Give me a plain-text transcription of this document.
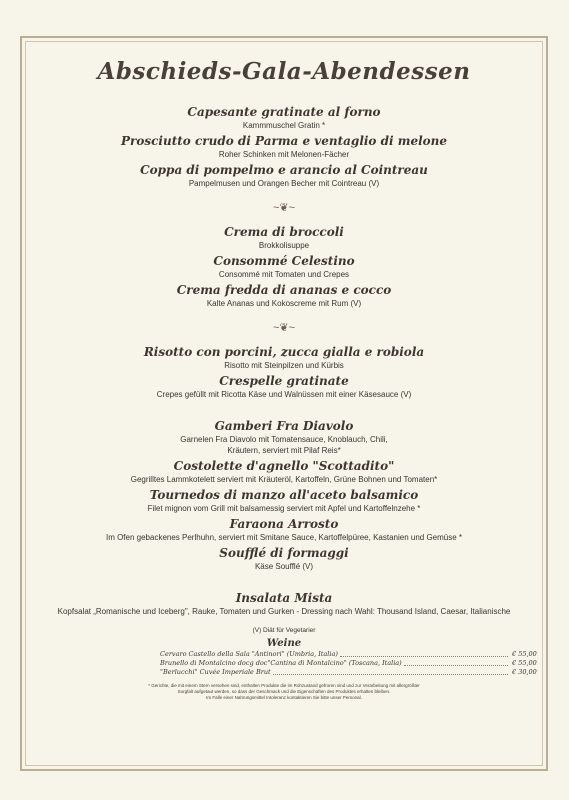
Abschieds-Gala-Abendessen
Capesante gratinate al forno
Kammmuschel Gratin *
Prosciutto crudo di Parma e ventaglio di melone
Roher Schinken mit Melonen-Fächer
Coppa di pompelmo e arancio al Cointreau
Pampelmusen und Orangen Becher mit Cointreau (V)
~❦~
Crema di broccoli
Brokkolisuppe
Consommé Celestino
Consommé mit Tomaten und Crepes
Crema fredda di ananas e cocco
Kalte Ananas und Kokoscreme mit Rum (V)
~❦~
Risotto con porcini, zucca gialla e robiola
Risotto mit Steinpilzen und Kürbis
Crespelle gratinate
Crepes gefüllt mit Ricotta Käse und Walnüssen mit einer Käsesauce (V)
Gamberi Fra Diavolo
Garnelen Fra Diavolo mit Tomatensauce, Knoblauch, Chili,
Kräutern, serviert mit Pilaf Reis*
Costolette d'agnello "Scottadito"
Gegrilltes Lammkotelett serviert mit Kräuteröl, Kartoffeln, Grüne Bohnen und Tomaten*
Tournedos di manzo all'aceto balsamico
Filet mignon vom Grill mit balsamessig serviert mit Apfel und Kartoffelnzehe *
Faraona Arrosto
Im Ofen gebackenes Perlhuhn, serviert mit Smitane Sauce, Kartoffelpüree, Kastanien und Gemüse *
Soufflé di formaggi
Käse Soufflé (V)
Insalata Mista
Kopfsalat „Romanische und Iceberg", Rauke, Tomaten und Gurken - Dressing nach Wahl: Thousand Island, Caesar, Italianische
(V) Diät für Vegetarier
Weine
Cervaro Castello della Sala "Antinori" (Umbria, Italia)	€ 55,00
Brunello di Montalcino docg doc"Cantina di Montalcino" (Toscana, Italia)	€ 55,00
"Berlucchi" Cuvée Imperiale Brut	€ 30,00
* Gerichte, die mit einem Stern versehen sind, enthalten Produkte die im Rohzustand gefroren sind und zur Verarbeitung mit allergrößter
Sorgfalt aufgetaut werden, so dass der Geschmack und die Eigenschaften des Produktes erhalten bleiben.
Im Falle einer Nahrungsmittel Intoleranz kontaktieren Sie bitte unser Personal.
